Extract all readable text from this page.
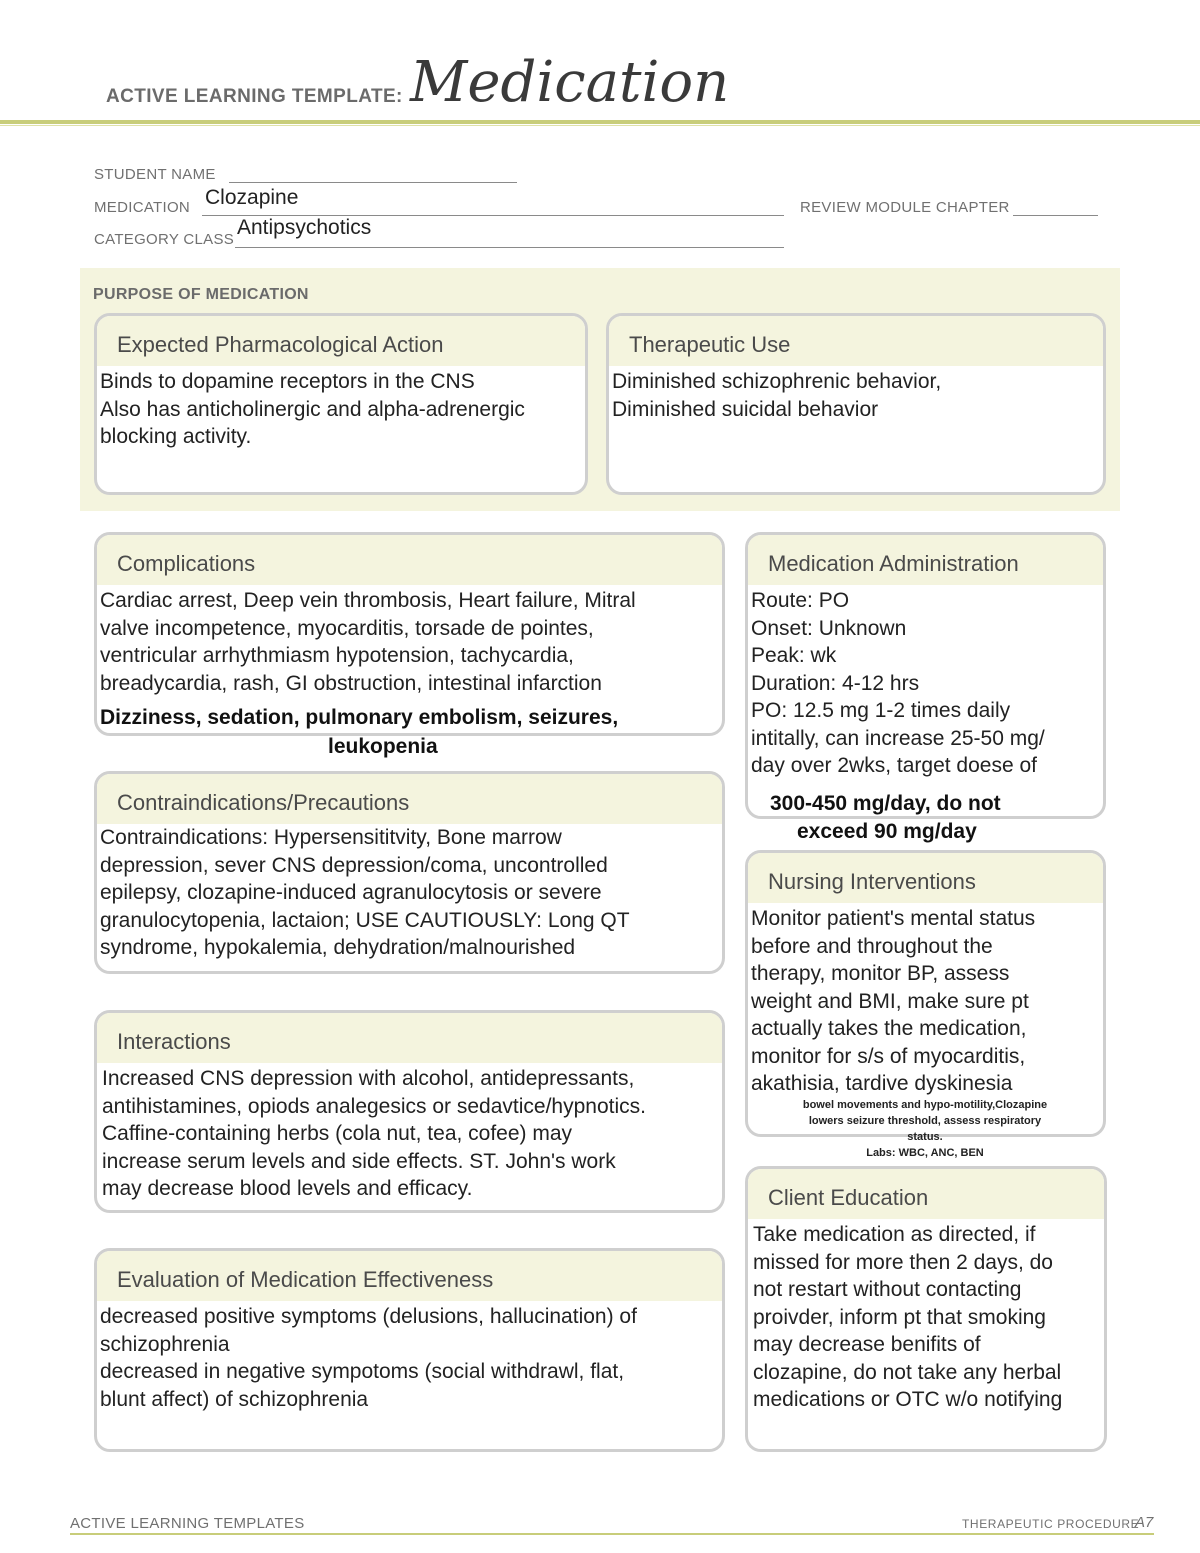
ACTIVE LEARNING TEMPLATE: Medication
STUDENT NAME
MEDICATION Clozapine	REVIEW MODULE CHAPTER
CATEGORY CLASS
Antipsychotics
PURPOSE OF MEDICATION
Expected Pharmacological Action
Binds to dopamine receptors in the CNS
Also has anticholinergic and alpha-adrenergic
blocking activity.
Therapeutic Use
Diminished schizophrenic behavior,
Diminished suicidal behavior
Complications
Cardiac arrest, Deep vein thrombosis, Heart failure, Mitral
valve incompetence, myocarditis, torsade de pointes,
ventricular arrhythmiasm hypotension, tachycardia,
breadycardia, rash, GI obstruction, intestinal infarction
Dizziness, sedation, pulmonary embolism, seizures,
leukopenia
Medication Administration
Route: PO
Onset: Unknown
Peak: wk
Duration: 4-12 hrs
PO: 12.5 mg 1-2 times daily
intitally, can increase 25-50 mg/
day over 2wks, target doese of
300-450 mg/day, do not
exceed 90 mg/day
Contraindications/Precautions
Contraindications: Hypersensititvity, Bone marrow
depression, sever CNS depression/coma, uncontrolled
epilepsy, clozapine-induced agranulocytosis or severe
granulocytopenia, lactaion; USE CAUTIOUSLY: Long QT
syndrome, hypokalemia, dehydration/malnourished
Nursing Interventions
Monitor patient's mental status
before and throughout the
therapy, monitor BP, assess
weight and BMI, make sure pt
actually takes the medication,
monitor for s/s of myocarditis,
akathisia, tardive dyskinesia
bowel movements and hypo-motility,Clozapine
lowers seizure threshold, assess respiratory
status.
Labs: WBC, ANC, BEN
Interactions
Increased CNS depression with alcohol, antidepressants,
antihistamines, opiods analegesics or sedavtice/hypnotics.
Caffine-containing herbs (cola nut, tea, cofee) may
increase serum levels and side effects. ST. John's work
may decrease blood levels and efficacy.	Client Education
Take medication as directed, if
missed for more then 2 days, do
not restart without contacting
proivder, inform pt that smoking
may decrease benifits of
clozapine, do not take any herbal
medications or OTC w/o notifying
Evaluation of Medication Effectiveness
decreased positive symptoms (delusions, hallucination) of
schizophrenia
decreased in negative sympotoms (social withdrawl, flat,
blunt affect) of schizophrenia
ACTIVE LEARNING TEMPLATES	THERAPEUTIC PROCEDURE
A7
